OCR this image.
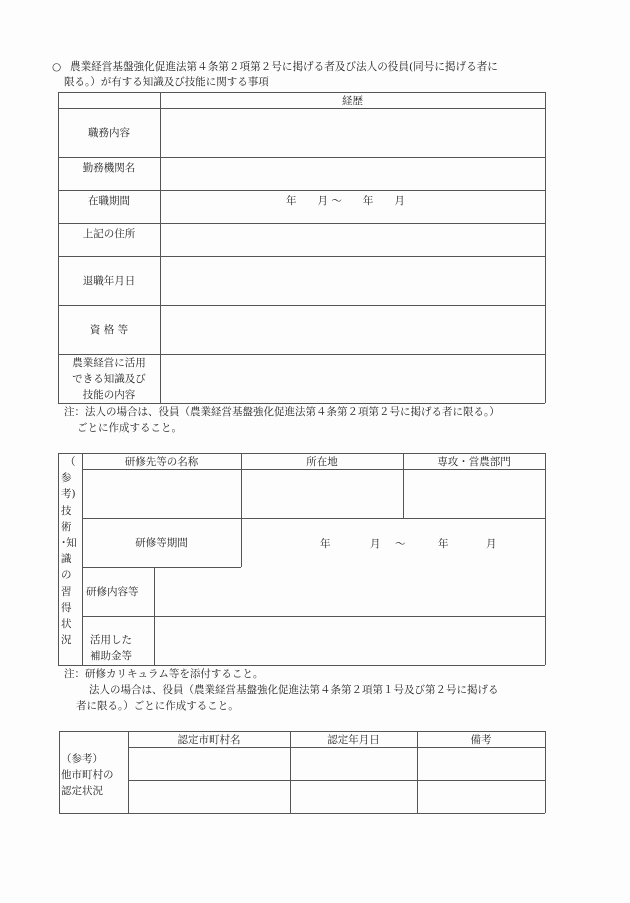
○ 農業経営基盤強化促進法第４条第２項第２号に掲げる者及び法人の役員(同号に掲げる者に
限る。）が有する知識及び技能に関する事項
経歴
職務内容
勤務機関名
在職期間	年　　月 ～　　年　　月
上記の住所
退職年月日
資 格 等
農業経営に活用
できる知識及び
技能の内容
注：法人の場合は、役員（農業経営基盤強化促進法第４条第２項第２号に掲げる者に限る。）
ごとに作成すること。
（
参
考)
技
術
･知
識
の
習
得
状
況
研修先等の名称	所在地	専攻・営農部門
研修等期間	年	月 ～	年	月
研修内容等
活用した
補助金等
注：研修カリキュラム等を添付すること。
法人の場合は、役員（農業経営基盤強化促進法第４条第２項第１号及び第２号に掲げる
者に限る。）ごとに作成すること。
（参考）
他市町村の
認定状況
認定市町村名	認定年月日	備考
